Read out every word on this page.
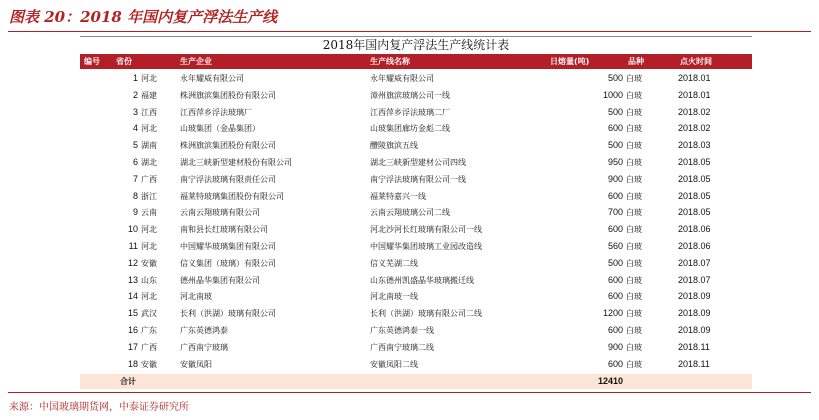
图表 20：2018 年国内复产浮法生产线
2018年国内复产浮法生产线统计表
编号	省份	生产企业	生产线名称	日熔量(吨)	品种	点火时间
1 河北	永年耀威有限公司	永年耀威有限公司	500 白玻	2018.01
2 福建	株洲旗滨集团股份有限公司	漳州旗滨玻璃公司一线	1000 白玻	2018.01
3 江西	江西萍乡浮法玻璃厂	江西萍乡浮法玻璃二厂	500 白玻	2018.02
4 河北	山玻集团（金晶集团）	山玻集团廊坊金彪二线	600 白玻	2018.02
5 湖南	株洲旗滨集团股份有限公司	醴陵旗滨五线	500 白玻	2018.03
6 湖北	湖北三峡新型建材股份有限公司	湖北三峡新型建材公司四线	950 白玻	2018.05
7 广西	南宁浮法玻璃有限责任公司	南宁浮法玻璃有限公司一线	900 白玻	2018.05
8 浙江	福莱特玻璃集团股份有限公司	福莱特嘉兴一线	600 白玻	2018.05
9 云南	云南云翔玻璃有限公司	云南云翔玻璃公司二线	700 白玻	2018.05
10 河北	南和县长红玻璃有限公司	河北沙河长红玻璃有限公司一线	600 白玻	2018.06
11 河北	中国耀华玻璃集团有限公司	中国耀华集团玻璃工业园改造线	560 白玻	2018.06
12 安徽	信义集团（玻璃）有限公司	信义芜湖二线	500 白玻	2018.07
13 山东	德州晶华集团有限公司	山东德州凯盛晶华玻璃搬迁线	600 白玻	2018.07
14 河北	河北南玻	河北南玻一线	600 白玻	2018.09
15 武汉	长利（洪湖）玻璃有限公司	长利（洪湖）玻璃有限公司二线	1200 白玻	2018.09
16 广东	广东英德鸿泰	广东英德鸿泰一线	600 白玻	2018.09
17 广西	广西南宁玻璃	广西南宁玻璃二线	900 白玻	2018.11
18 安徽	安徽凤阳	安徽凤阳二线	600 白玻	2018.11
合计	12410
来源：中国玻璃期货网，中泰证券研究所
